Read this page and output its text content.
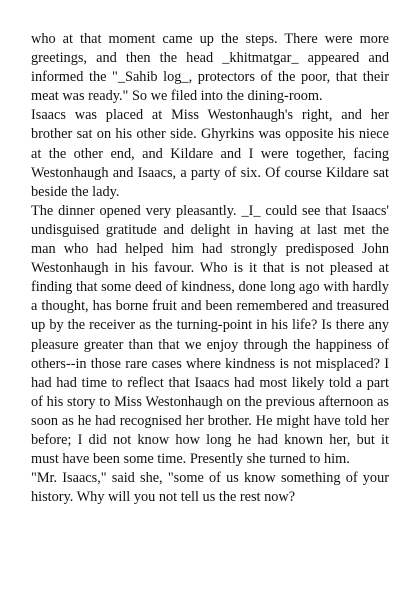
who at that moment came up the steps. There were more greetings, and then the head _khitmatgar_ appeared and informed the "_Sahib log_, protectors of the poor, that their meat was ready." So we filed into the dining-room.

Isaacs was placed at Miss Westonhaugh's right, and her brother sat on his other side. Ghyrkins was opposite his niece at the other end, and Kildare and I were together, facing Westonhaugh and Isaacs, a party of six. Of course Kildare sat beside the lady.

The dinner opened very pleasantly. _I_ could see that Isaacs' undisguised gratitude and delight in having at last met the man who had helped him had strongly predisposed John Westonhaugh in his favour. Who is it that is not pleased at finding that some deed of kindness, done long ago with hardly a thought, has borne fruit and been remembered and treasured up by the receiver as the turning-point in his life? Is there any pleasure greater than that we enjoy through the happiness of others--in those rare cases where kindness is not misplaced? I had had time to reflect that Isaacs had most likely told a part of his story to Miss Westonhaugh on the previous afternoon as soon as he had recognised her brother. He might have told her before; I did not know how long he had known her, but it must have been some time. Presently she turned to him.

"Mr. Isaacs," said she, "some of us know something of your history. Why will you not tell us the rest now?
